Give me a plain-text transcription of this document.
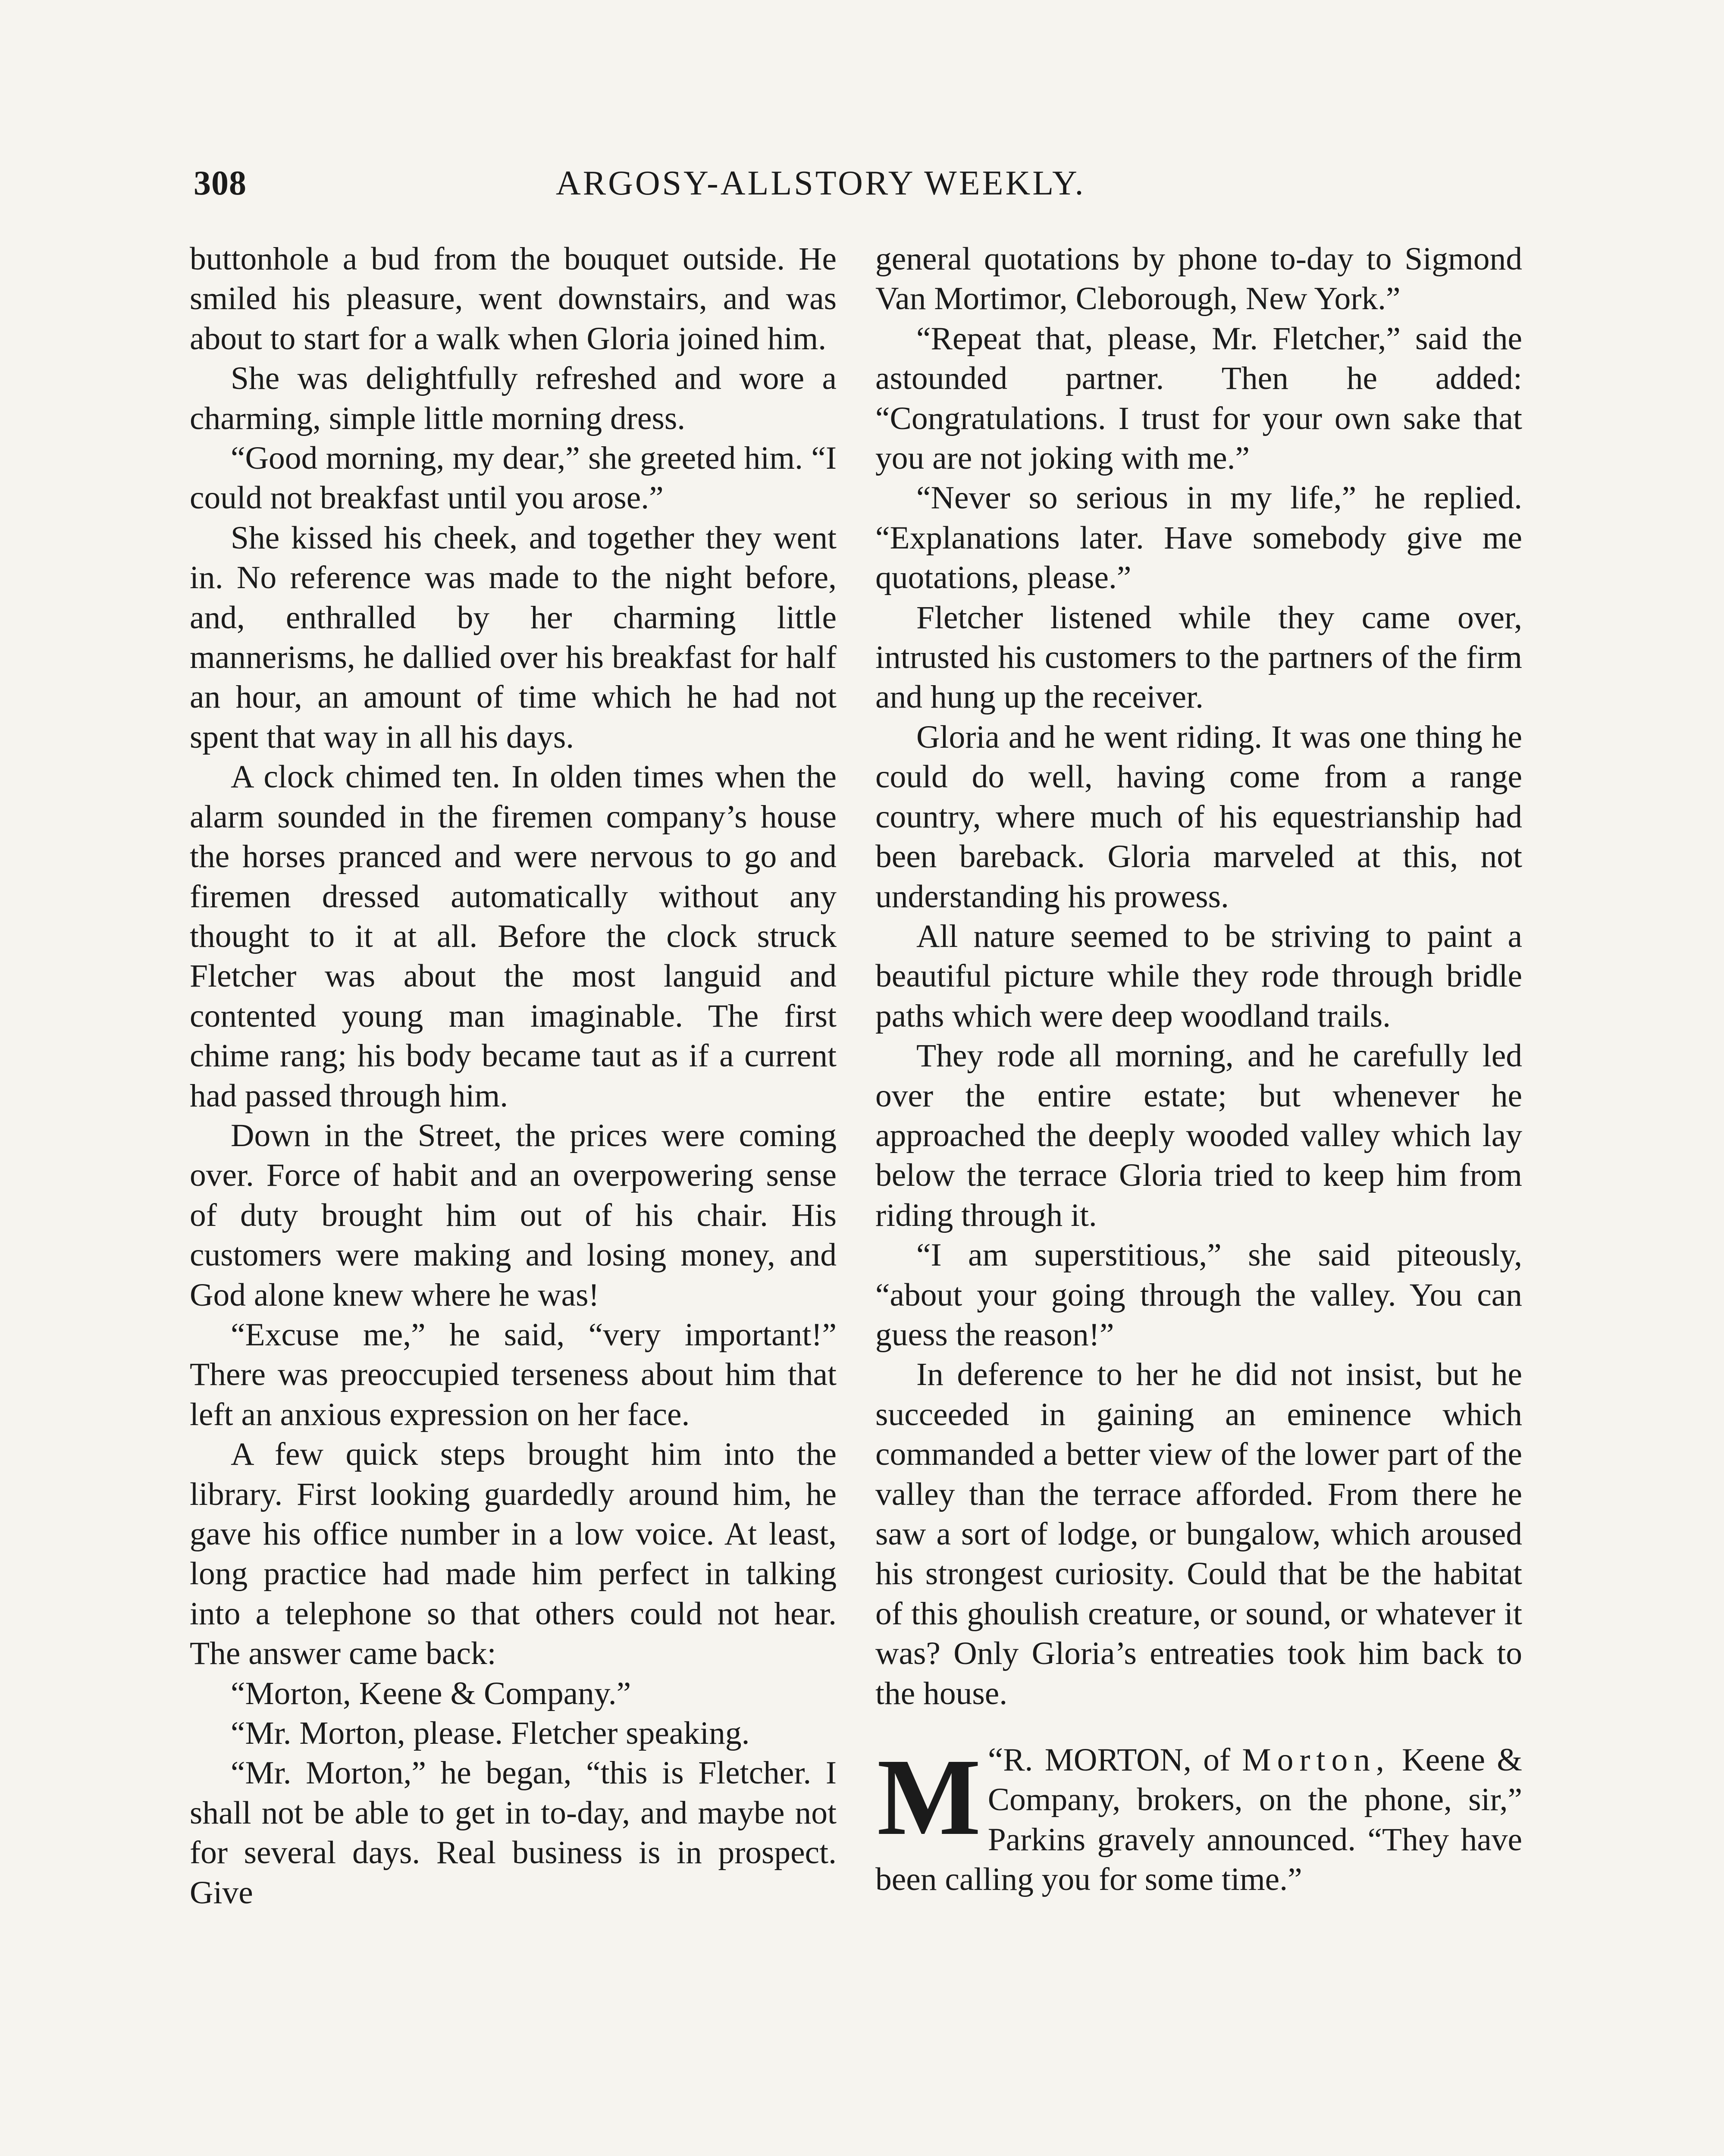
308	ARGOSY-ALLSTORY WEEKLY.

buttonhole a bud from the bouquet outside. He smiled his pleasure, went downstairs, and was about to start for a walk when Gloria joined him.

She was delightfully refreshed and wore a charming, simple little morning dress.

“Good morning, my dear,” she greeted him. “I could not breakfast until you arose.”

She kissed his cheek, and together they went in. No reference was made to the night before, and, enthralled by her charming little mannerisms, he dallied over his breakfast for half an hour, an amount of time which he had not spent that way in all his days.

A clock chimed ten. In olden times when the alarm sounded in the firemen company’s house the horses pranced and were nervous to go and firemen dressed automatically without any thought to it at all. Before the clock struck Fletcher was about the most languid and contented young man imaginable. The first chime rang; his body became taut as if a current had passed through him.

Down in the Street, the prices were coming over. Force of habit and an overpowering sense of duty brought him out of his chair. His customers were making and losing money, and God alone knew where he was!

“Excuse me,” he said, “very important!” There was preoccupied terseness about him that left an anxious expression on her face.

A few quick steps brought him into the library. First looking guardedly around him, he gave his office number in a low voice. At least, long practice had made him perfect in talking into a telephone so that others could not hear. The answer came back:

“Morton, Keene & Company.”

“Mr. Morton, please. Fletcher speaking.

“Mr. Morton,” he began, “this is Fletcher. I shall not be able to get in to-day, and maybe not for several days. Real business is in prospect. Give

general quotations by phone to-day to Sigmond Van Mortimor, Cleborough, New York.”

“Repeat that, please, Mr. Fletcher,” said the astounded partner. Then he added: “Congratulations. I trust for your own sake that you are not joking with me.”

“Never so serious in my life,” he replied. “Explanations later. Have somebody give me quotations, please.”

Fletcher listened while they came over, intrusted his customers to the partners of the firm and hung up the receiver.

Gloria and he went riding. It was one thing he could do well, having come from a range country, where much of his equestrianship had been bareback. Gloria marveled at this, not understanding his prowess.

All nature seemed to be striving to paint a beautiful picture while they rode through bridle paths which were deep woodland trails.

They rode all morning, and he carefully led over the entire estate; but whenever he approached the deeply wooded valley which lay below the terrace Gloria tried to keep him from riding through it.

“I am superstitious,” she said piteously, “about your going through the valley. You can guess the reason!”

In deference to her he did not insist, but he succeeded in gaining an eminence which commanded a better view of the lower part of the valley than the terrace afforded. From there he saw a sort of lodge, or bungalow, which aroused his strongest curiosity. Could that be the habitat of this ghoulish creature, or sound, or whatever it was? Only Gloria’s entreaties took him back to the house.

“
M R. MORTON, of Morton, Keene & Company, brokers, on the phone, sir,” Parkins gravely announced. “They have been calling you for some time.”
